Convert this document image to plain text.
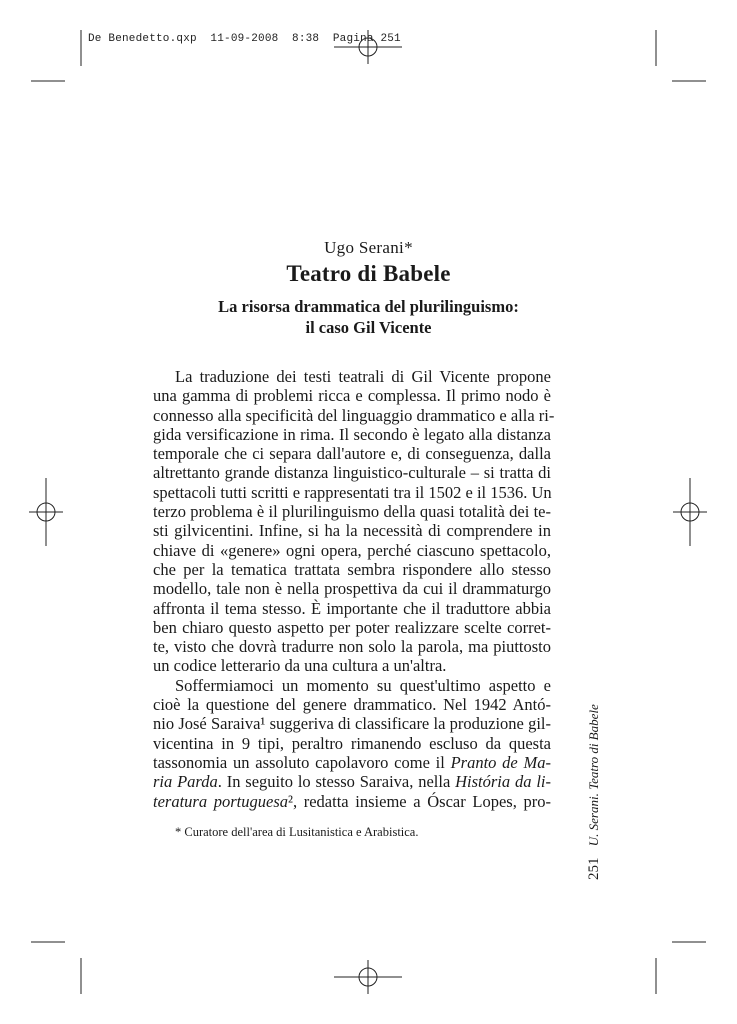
De Benedetto.qxp  11-09-2008  8:38  Pagina 251
Ugo Serani*
Teatro di Babele
La risorsa drammatica del plurilinguismo:
il caso Gil Vicente
La traduzione dei testi teatrali di Gil Vicente propone
una gamma di problemi ricca e complessa. Il primo nodo è
connesso alla specificità del linguaggio drammatico e alla ri-
gida versificazione in rima. Il secondo è legato alla distanza
temporale che ci separa dall'autore e, di conseguenza, dalla
altrettanto grande distanza linguistico-culturale – si tratta di
spettacoli tutti scritti e rappresentati tra il 1502 e il 1536. Un
terzo problema è il plurilinguismo della quasi totalità dei te-
sti gilvicentini. Infine, si ha la necessità di comprendere in
chiave di «genere» ogni opera, perché ciascuno spettacolo,
che per la tematica trattata sembra rispondere allo stesso
modello, tale non è nella prospettiva da cui il drammaturgo
affronta il tema stesso. È importante che il traduttore abbia
ben chiaro questo aspetto per poter realizzare scelte corret-
te, visto che dovrà tradurre non solo la parola, ma piuttosto
un codice letterario da una cultura a un'altra.
Soffermiamoci un momento su quest'ultimo aspetto e
cioè la questione del genere drammatico. Nel 1942 Antó-
nio José Saraiva¹ suggeriva di classificare la produzione gil-
vicentina in 9 tipi, peraltro rimanendo escluso da questa
tassonomia un assoluto capolavoro come il Pranto de Ma-
ria Parda. In seguito lo stesso Saraiva, nella História da li-
teratura portuguesa², redatta insieme a Óscar Lopes, pro-
* Curatore dell'area di Lusitanistica e Arabistica.
251 U. Serani. Teatro di Babele
